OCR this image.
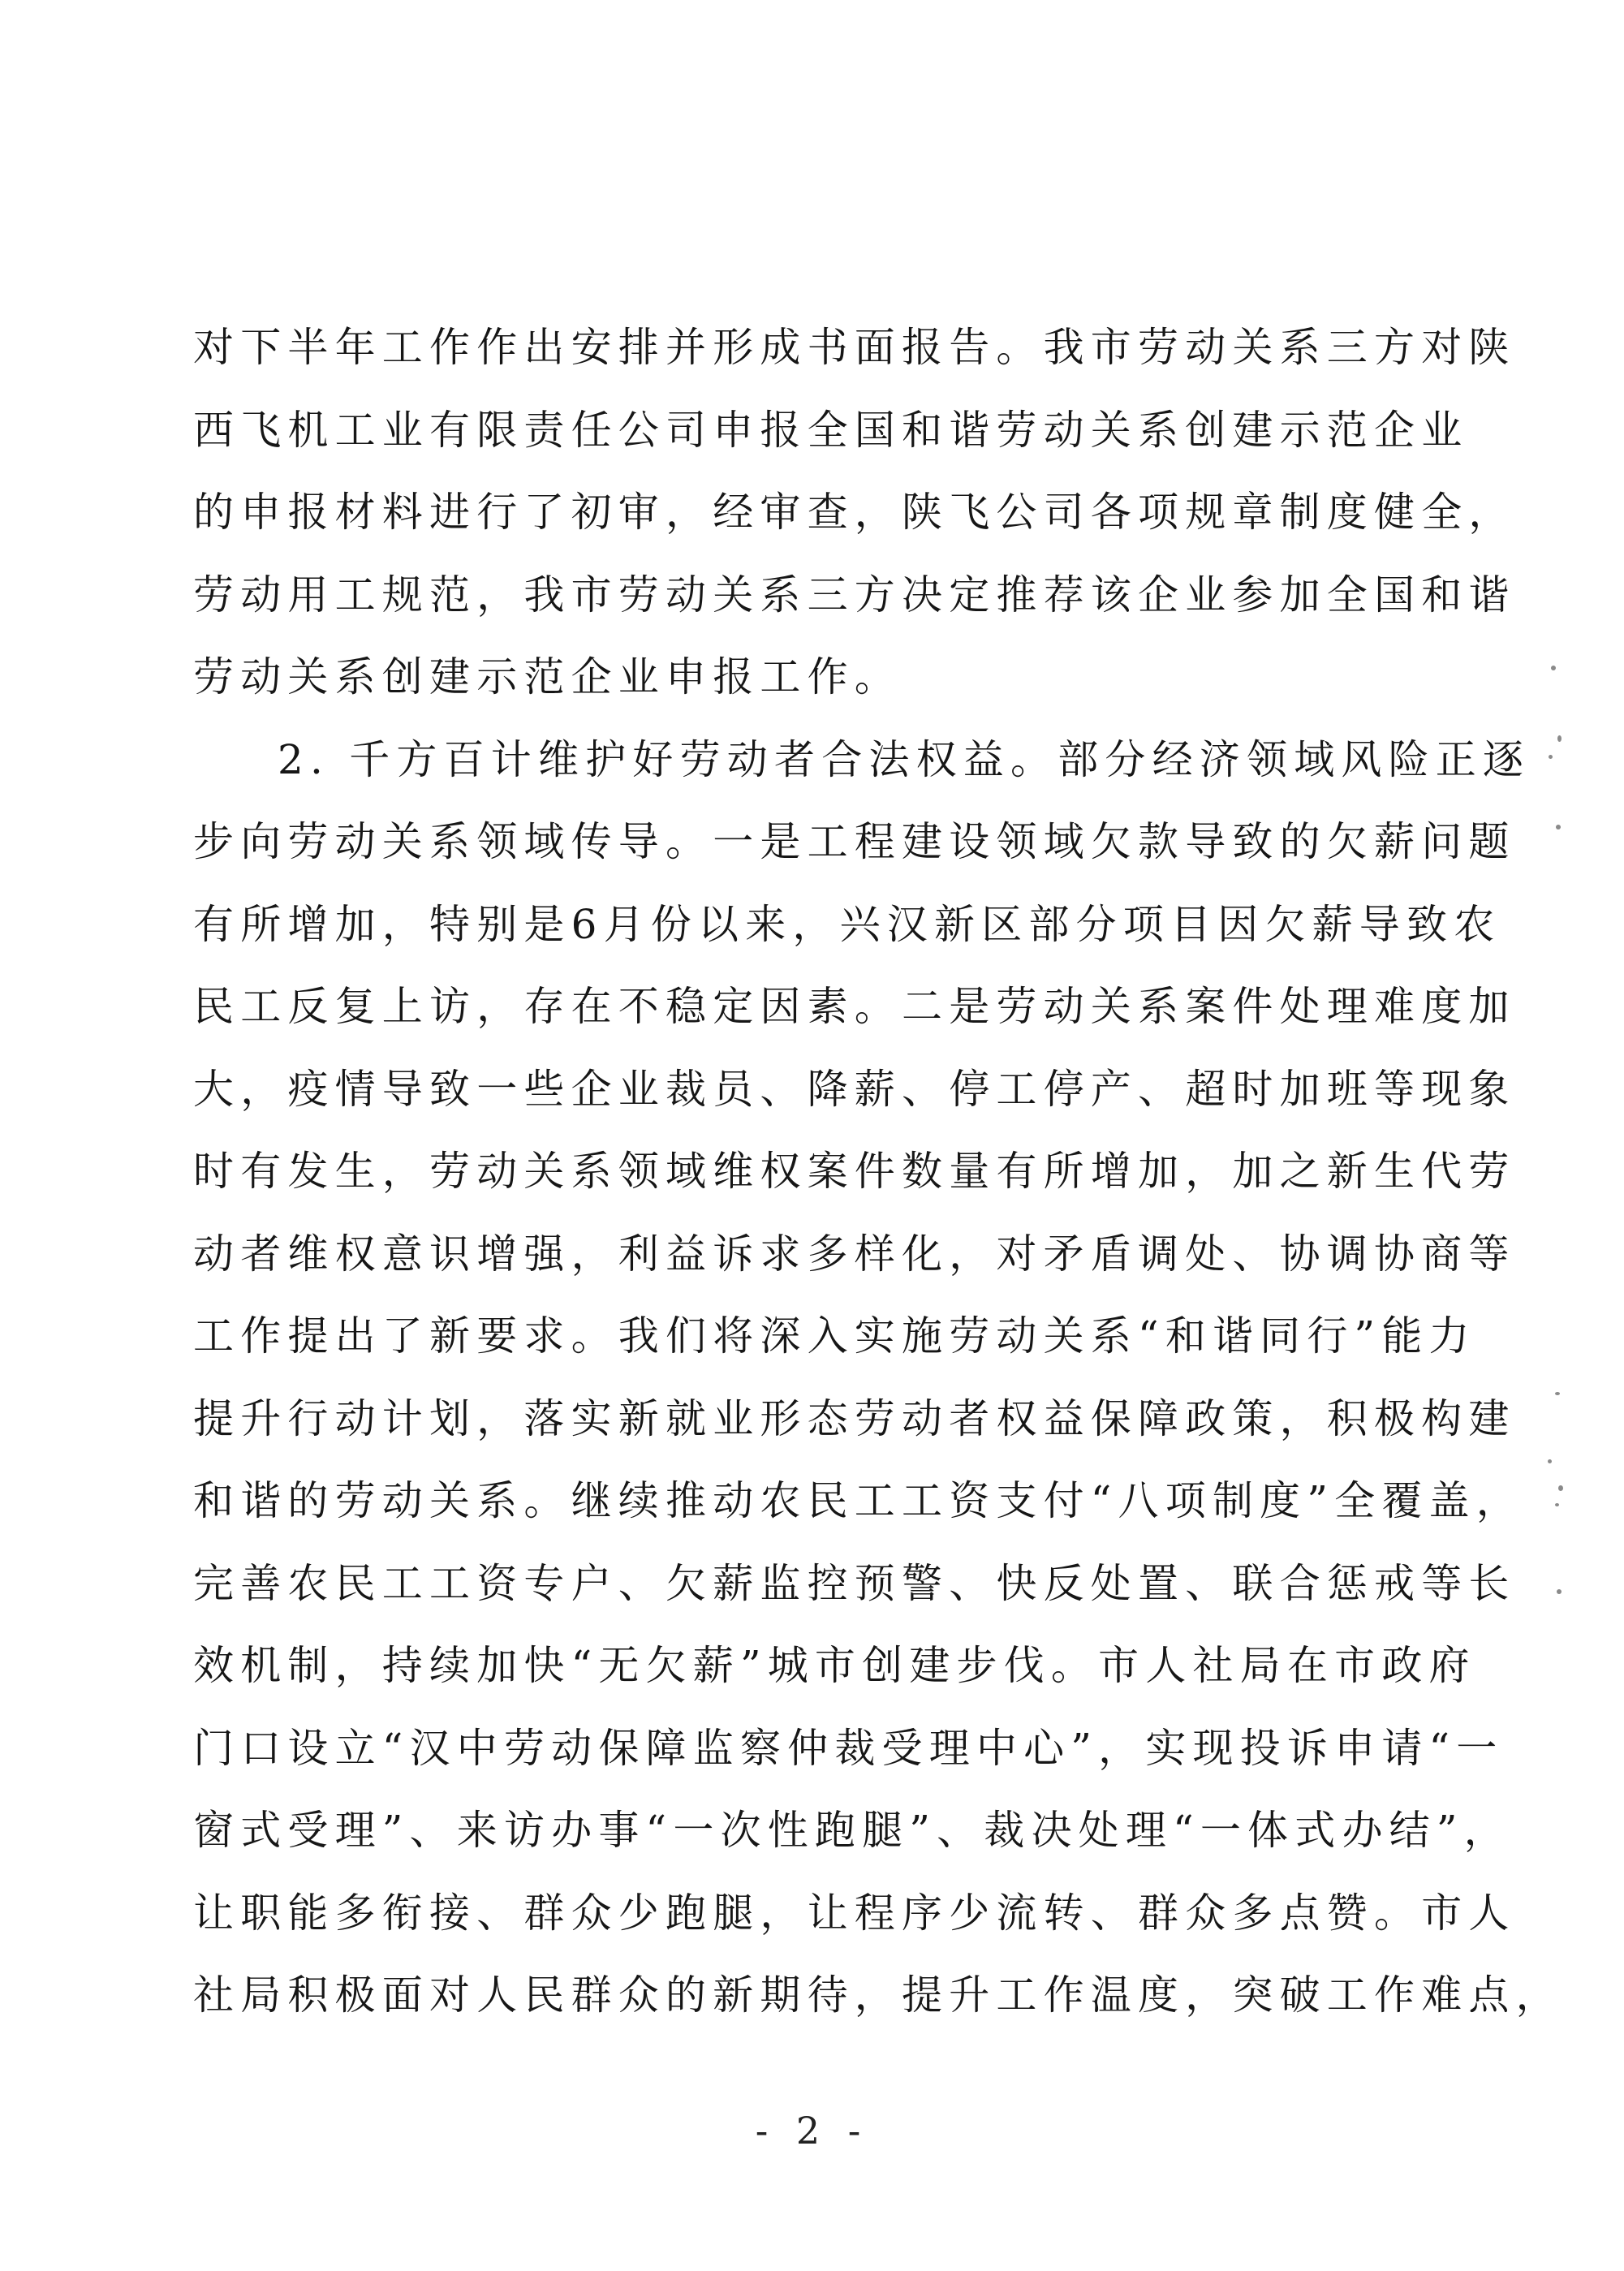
对下半年工作作出安排并形成书面报告。我市劳动关系三方对陕
西飞机工业有限责任公司申报全国和谐劳动关系创建示范企业
的申报材料进行了初审，经审查，陕飞公司各项规章制度健全，
劳动用工规范，我市劳动关系三方决定推荐该企业参加全国和谐
劳动关系创建示范企业申报工作。
2. 千方百计维护好劳动者合法权益。部分经济领域风险正逐
步向劳动关系领域传导。一是工程建设领域欠款导致的欠薪问题
有所增加，特别是6月份以来，兴汉新区部分项目因欠薪导致农
民工反复上访，存在不稳定因素。二是劳动关系案件处理难度加
大，疫情导致一些企业裁员、降薪、停工停产、超时加班等现象
时有发生，劳动关系领域维权案件数量有所增加，加之新生代劳
动者维权意识增强，利益诉求多样化，对矛盾调处、协调协商等
工作提出了新要求。我们将深入实施劳动关系“和谐同行”能力
提升行动计划，落实新就业形态劳动者权益保障政策，积极构建
和谐的劳动关系。继续推动农民工工资支付“八项制度”全覆盖，
完善农民工工资专户、欠薪监控预警、快反处置、联合惩戒等长
效机制，持续加快“无欠薪”城市创建步伐。市人社局在市政府
门口设立“汉中劳动保障监察仲裁受理中心”，实现投诉申请“一
窗式受理”、来访办事“一次性跑腿”、裁决处理“一体式办结”，
让职能多衔接、群众少跑腿，让程序少流转、群众多点赞。市人
社局积极面对人民群众的新期待，提升工作温度，突破工作难点，
- 2 -
